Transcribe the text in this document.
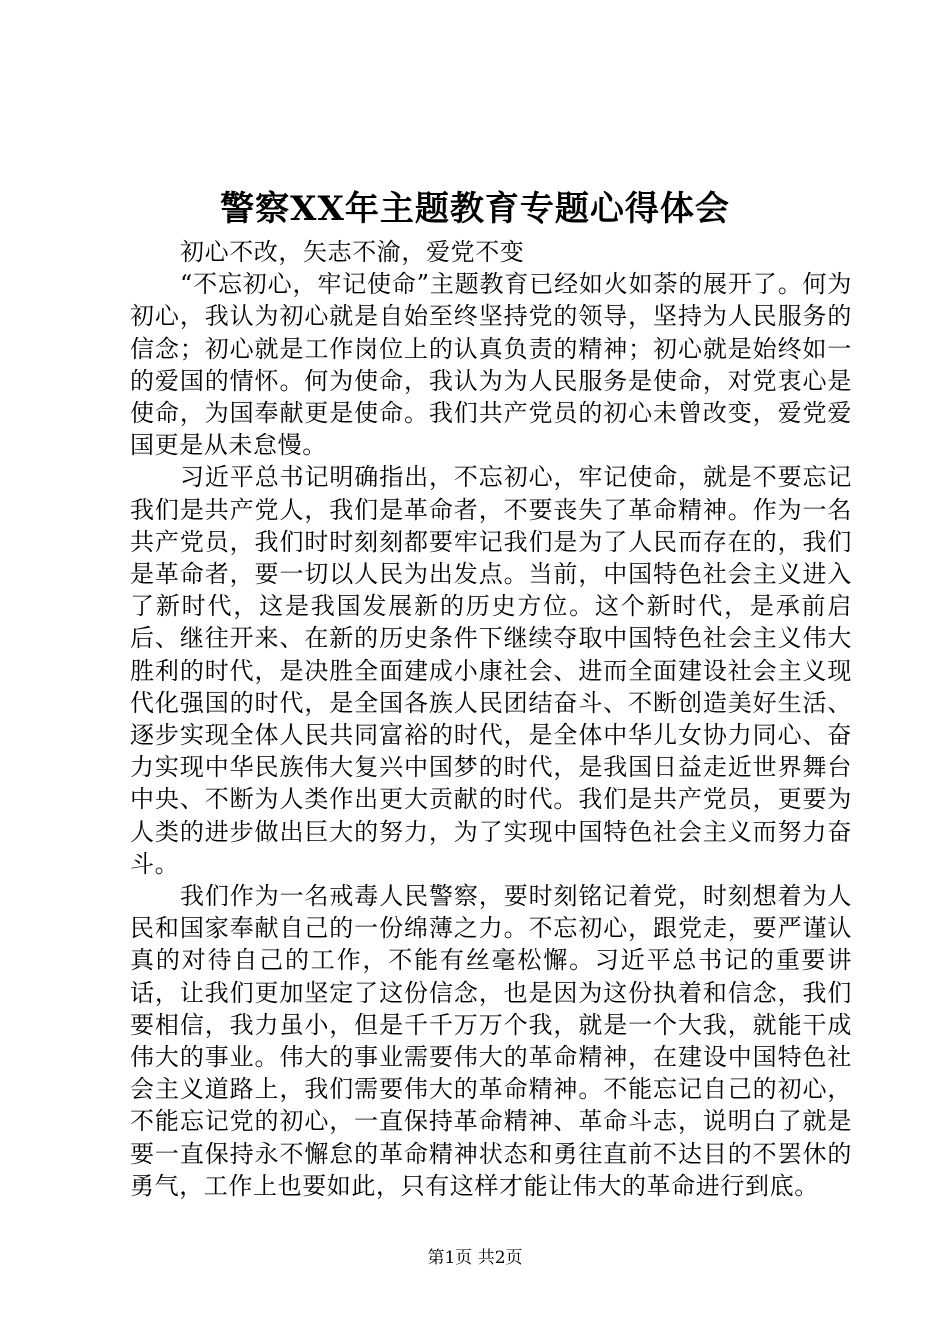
警察XX年主题教育专题心得体会

初心不改，矢志不渝，爱党不变

“不忘初心，牢记使命”主题教育已经如火如荼的展开了。何为初心，我认为初心就是自始至终坚持党的领导，坚持为人民服务的信念；初心就是工作岗位上的认真负责的精神；初心就是始终如一的爱国的情怀。何为使命，我认为为人民服务是使命，对党衷心是使命，为国奉献更是使命。我们共产党员的初心未曾改变，爱党爱国更是从未怠慢。

习近平总书记明确指出，不忘初心，牢记使命，就是不要忘记我们是共产党人，我们是革命者，不要丧失了革命精神。作为一名共产党员，我们时时刻刻都要牢记我们是为了人民而存在的，我们是革命者，要一切以人民为出发点。当前，中国特色社会主义进入了新时代，这是我国发展新的历史方位。这个新时代，是承前启后、继往开来、在新的历史条件下继续夺取中国特色社会主义伟大胜利的时代，是决胜全面建成小康社会、进而全面建设社会主义现代化强国的时代，是全国各族人民团结奋斗、不断创造美好生活、逐步实现全体人民共同富裕的时代，是全体中华儿女协力同心、奋力实现中华民族伟大复兴中国梦的时代，是我国日益走近世界舞台中央、不断为人类作出更大贡献的时代。我们是共产党员，更要为人类的进步做出巨大的努力，为了实现中国特色社会主义而努力奋斗。

我们作为一名戒毒人民警察，要时刻铭记着党，时刻想着为人民和国家奉献自己的一份绵薄之力。不忘初心，跟党走，要严谨认真的对待自己的工作，不能有丝毫松懈。习近平总书记的重要讲话，让我们更加坚定了这份信念，也是因为这份执着和信念，我们要相信，我力虽小，但是千千万万个我，就是一个大我，就能干成伟大的事业。伟大的事业需要伟大的革命精神，在建设中国特色社会主义道路上，我们需要伟大的革命精神。不能忘记自己的初心，不能忘记党的初心，一直保持革命精神、革命斗志，说明白了就是要一直保持永不懈怠的革命精神状态和勇往直前不达目的不罢休的勇气，工作上也要如此，只有这样才能让伟大的革命进行到底。

第1页 共2页
